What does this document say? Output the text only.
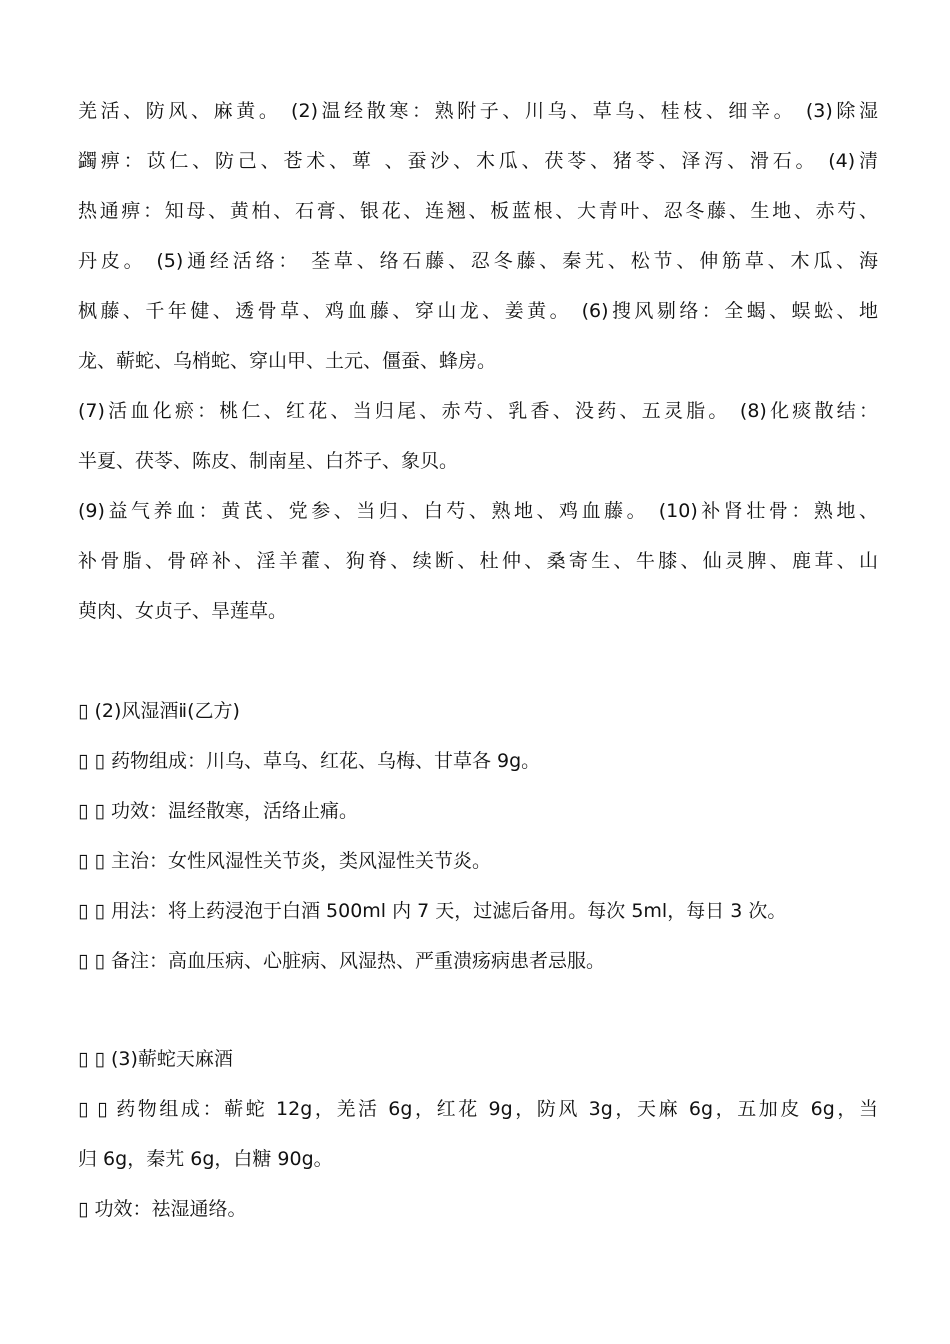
羌活、防风、麻黄。 (2)温经散寒：熟附子、川乌、草乌、桂枝、细辛。 (3)除湿
蠲痹：苡仁、防己、苍术、萆 、蚕沙、木瓜、茯苓、猪苓、泽泻、滑石。 (4)清
热通痹：知母、黄柏、石膏、银花、连翘、板蓝根、大青叶、忍冬藤、生地、赤芍、
丹皮。 (5)通经活络： 荃草、络石藤、忍冬藤、秦艽、松节、伸筋草、木瓜、海
枫藤、千年健、透骨草、鸡血藤、穿山龙、姜黄。 (6)搜风剔络：全蝎、蜈蚣、地
龙、蕲蛇、乌梢蛇、穿山甲、土元、僵蚕、蜂房。
(7)活血化瘀：桃仁、红花、当归尾、赤芍、乳香、没药、五灵脂。 (8)化痰散结：
半夏、茯苓、陈皮、制南星、白芥子、象贝。
(9)益气养血：黄芪、党参、当归、白芍、熟地、鸡血藤。 (10)补肾壮骨：熟地、
补骨脂、骨碎补、淫羊藿、狗脊、续断、杜仲、桑寄生、牛膝、仙灵脾、鹿茸、山
萸肉、女贞子、旱莲草。
▯ (2)风湿酒ⅱ(乙方)
▯ ▯ 药物组成：川乌、草乌、红花、乌梅、甘草各 9g。
▯ ▯ 功效：温经散寒，活络止痛。
▯ ▯ 主治：女性风湿性关节炎，类风湿性关节炎。
▯ ▯ 用法：将上药浸泡于白酒 500ml 内 7 天，过滤后备用。每次 5ml，每日 3 次。
▯ ▯ 备注：高血压病、心脏病、风湿热、严重溃疡病患者忌服。
▯ ▯ (3)蕲蛇天麻酒
▯ ▯ 药物组成：蕲蛇 12g，羌活 6g，红花 9g，防风 3g，天麻 6g，五加皮 6g，当
归 6g，秦艽 6g，白糖 90g。
▯ 功效：祛湿通络。
